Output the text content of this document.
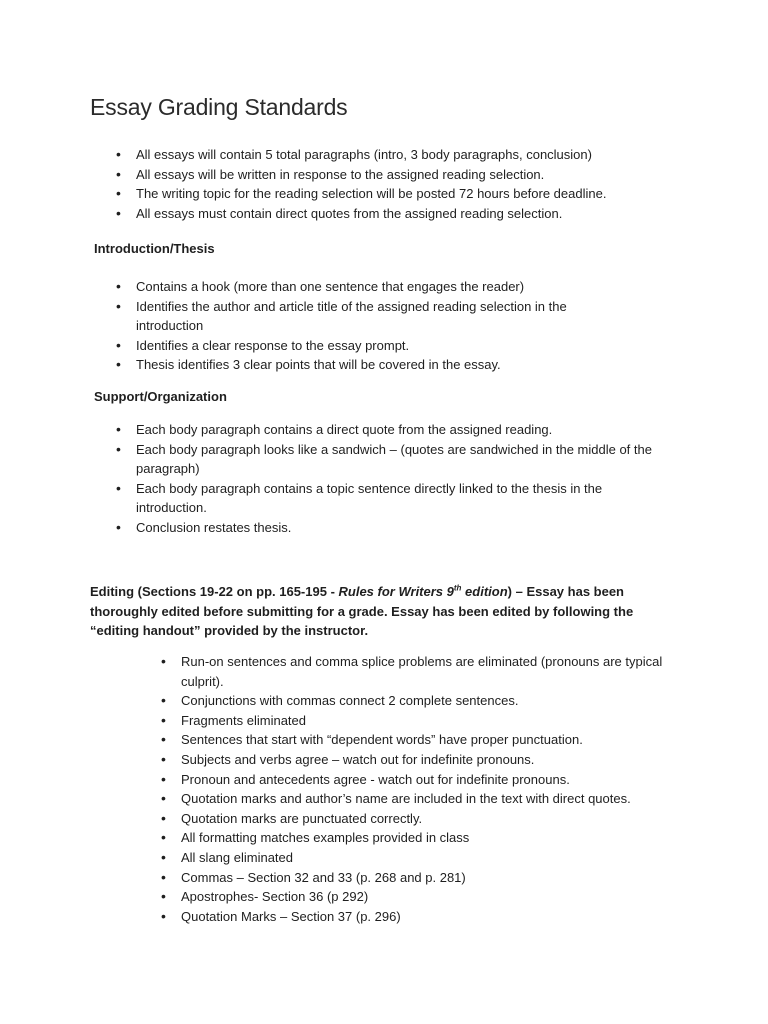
Essay Grading Standards
• All essays will contain 5 total paragraphs (intro, 3 body paragraphs, conclusion)
• All essays will be written in response to the assigned reading selection.
• The writing topic for the reading selection will be posted 72 hours before deadline.
• All essays must contain direct quotes from the assigned reading selection.
Introduction/Thesis
• Contains a hook (more than one sentence that engages the reader)
• Identifies the author and article title of the assigned reading selection in the introduction
• Identifies a clear response to the essay prompt.
• Thesis identifies 3 clear points that will be covered in the essay.
Support/Organization
• Each body paragraph contains a direct quote from the assigned reading.
• Each body paragraph looks like a sandwich – (quotes are sandwiched in the middle of the paragraph)
• Each body paragraph contains a topic sentence directly linked to the thesis in the introduction.
• Conclusion restates thesis.

Editing (Sections 19-22 on pp. 165-195 - Rules for Writers 9th edition) – Essay has been thoroughly edited before submitting for a grade. Essay has been edited by following the “editing handout” provided by the instructor.

• Run-on sentences and comma splice problems are eliminated (pronouns are typical culprit).
• Conjunctions with commas connect 2 complete sentences.
• Fragments eliminated
• Sentences that start with “dependent words” have proper punctuation.
• Subjects and verbs agree – watch out for indefinite pronouns.
• Pronoun and antecedents agree - watch out for indefinite pronouns.
• Quotation marks and author’s name are included in the text with direct quotes.
• Quotation marks are punctuated correctly.
• All formatting matches examples provided in class
• All slang eliminated
• Commas – Section 32 and 33 (p. 268 and p. 281)
• Apostrophes- Section 36 (p 292)
• Quotation Marks – Section 37 (p. 296)
